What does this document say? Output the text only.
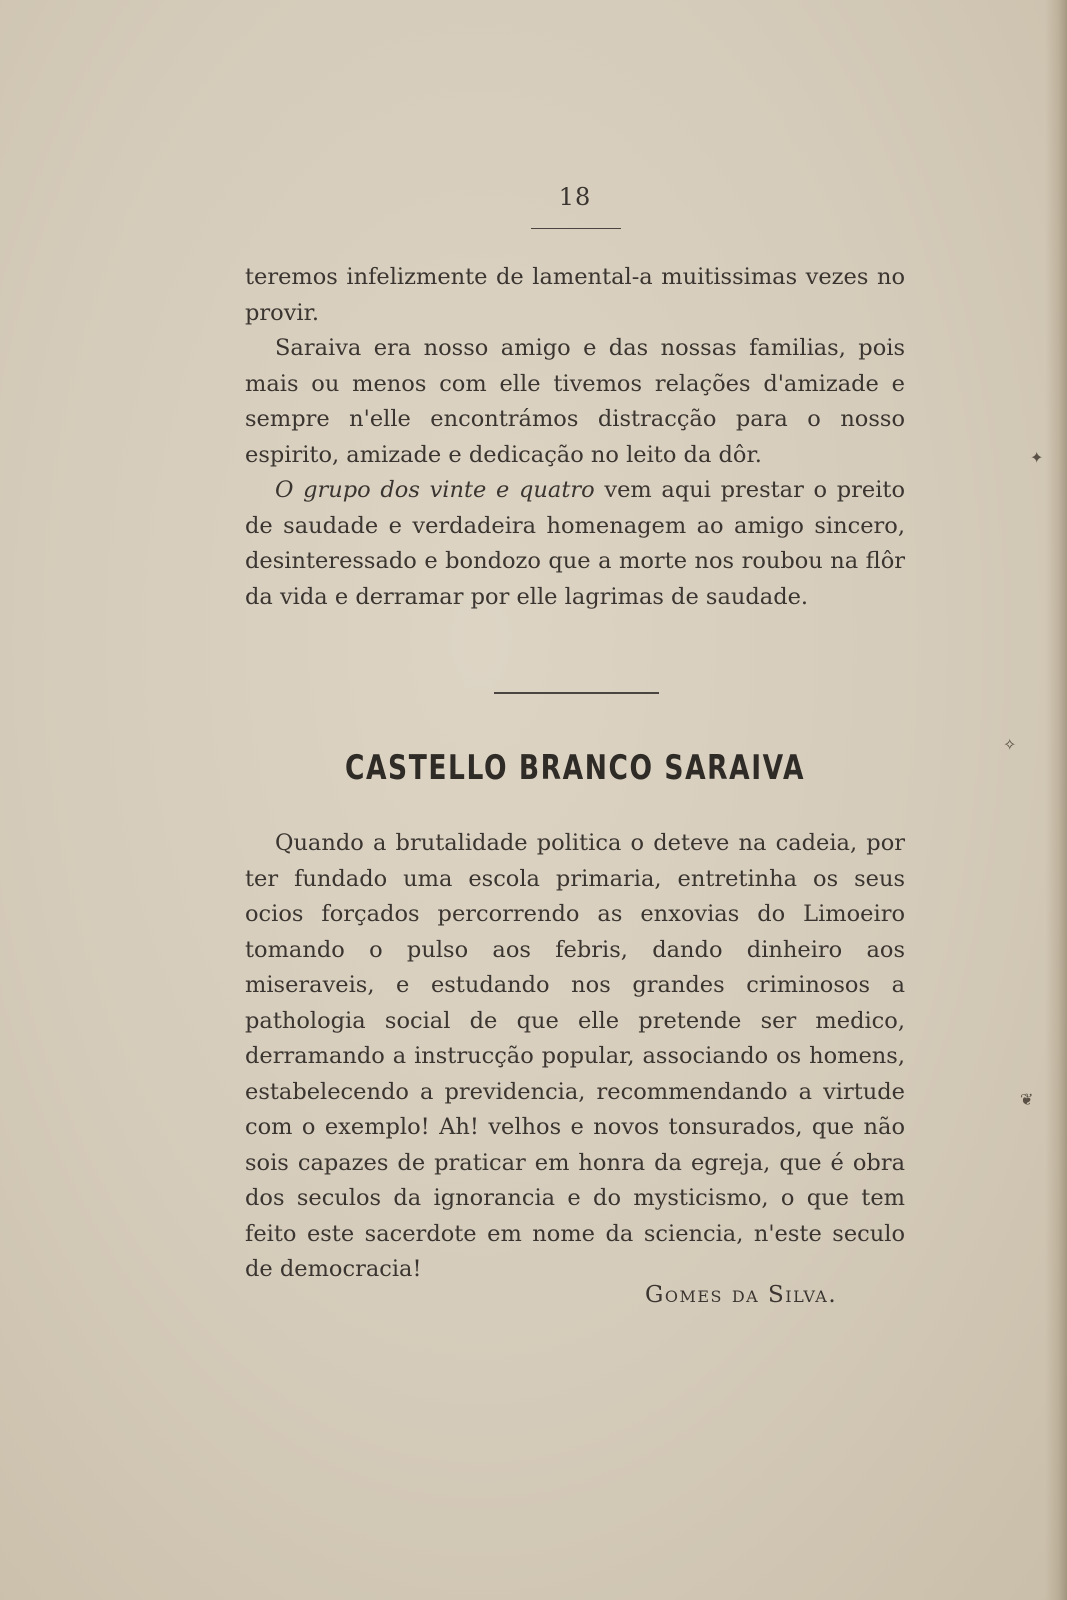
18

teremos infelizmente de lamental-a muitissimas vezes no provir.

Saraiva era nosso amigo e das nossas familias, pois mais ou menos com elle tivemos relações d'amizade e sempre n'elle encontrámos distracção para o nosso espirito, amizade e dedicação no leito da dôr.

O grupo dos vinte e quatro vem aqui prestar o preito de saudade e verdadeira homenagem ao amigo sincero, desinteressado e bondozo que a morte nos roubou na flôr da vida e derramar por elle lagrimas de saudade.

CASTELLO BRANCO SARAIVA

Quando a brutalidade politica o deteve na cadeia, por ter fundado uma escola primaria, entretinha os seus ocios forçados percorrendo as enxovias do Limoeiro tomando o pulso aos febris, dando dinheiro aos miseraveis, e estudando nos grandes criminosos a pathologia social de que elle pretende ser medico, derramando a instrucção popular, associando os homens, estabelecendo a previdencia, recommendando a virtude com o exemplo! Ah! velhos e novos tonsurados, que não sois capazes de praticar em honra da egreja, que é obra dos seculos da ignorancia e do mysticismo, o que tem feito este sacerdote em nome da sciencia, n'este seculo de democracia!

Gomes da Silva.
✦
✧
❦
